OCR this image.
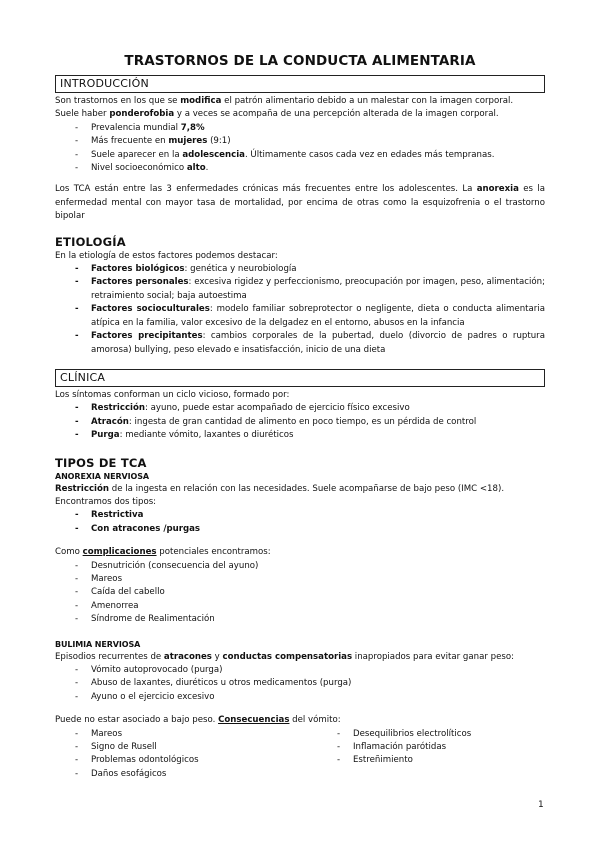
TRASTORNOS DE LA CONDUCTA ALIMENTARIA
INTRODUCCIÓN

Son trastornos en los que se modifica el patrón alimentario debido a un malestar con la imagen corporal.

Suele haber ponderofobia y a veces se acompaña de una percepción alterada de la imagen corporal.

- Prevalencia mundial 7,8%
- Más frecuente en mujeres (9:1)
- Suele aparecer en la adolescencia. Últimamente casos cada vez en edades más tempranas.
- Nivel socioeconómico alto.

Los TCA están entre las 3 enfermedades crónicas más frecuentes entre los adolescentes. La anorexia es la enfermedad mental con mayor tasa de mortalidad, por encima de otras como la esquizofrenia o el trastorno bipolar

ETIOLOGÍA

En la etiología de estos factores podemos destacar:

- Factores biológicos: genética y neurobiología
- Factores personales: excesiva rigidez y perfeccionismo, preocupación por imagen, peso, alimentación; retraimiento social; baja autoestima
- Factores socioculturales: modelo familiar sobreprotector o negligente, dieta o conducta alimentaria atípica en la familia, valor excesivo de la delgadez en el entorno, abusos en la infancia
- Factores precipitantes: cambios corporales de la pubertad, duelo (divorcio de padres o ruptura amorosa) bullying, peso elevado e insatisfacción, inicio de una dieta
CLÍNICA

Los síntomas conforman un ciclo vicioso, formado por:

- Restricción: ayuno, puede estar acompañado de ejercicio físico excesivo
- Atracón: ingesta de gran cantidad de alimento en poco tiempo, es un pérdida de control
- Purga: mediante vómito, laxantes o diuréticos
TIPOS DE TCA
ANOREXIA NERVIOSA

Restricción de la ingesta en relación con las necesidades. Suele acompañarse de bajo peso (IMC <18).

Encontramos dos tipos:

- Restrictiva
- Con atracones /purgas

Como complicaciones potenciales encontramos:

- Desnutrición (consecuencia del ayuno)
- Mareos
- Caída del cabello
- Amenorrea
- Síndrome de Realimentación
BULIMIA NERVIOSA

Episodios recurrentes de atracones y conductas compensatorias inapropiados para evitar ganar peso:

- Vómito autoprovocado (purga)
- Abuso de laxantes, diuréticos u otros medicamentos (purga)
- Ayuno o el ejercicio excesivo

Puede no estar asociado a bajo peso. Consecuencias del vómito:

- Mareos
- Signo de Rusell
- Problemas odontológicos
- Daños esofágicos
- Desequilibrios electrolíticos
- Inflamación parótidas
- Estreñimiento
1
